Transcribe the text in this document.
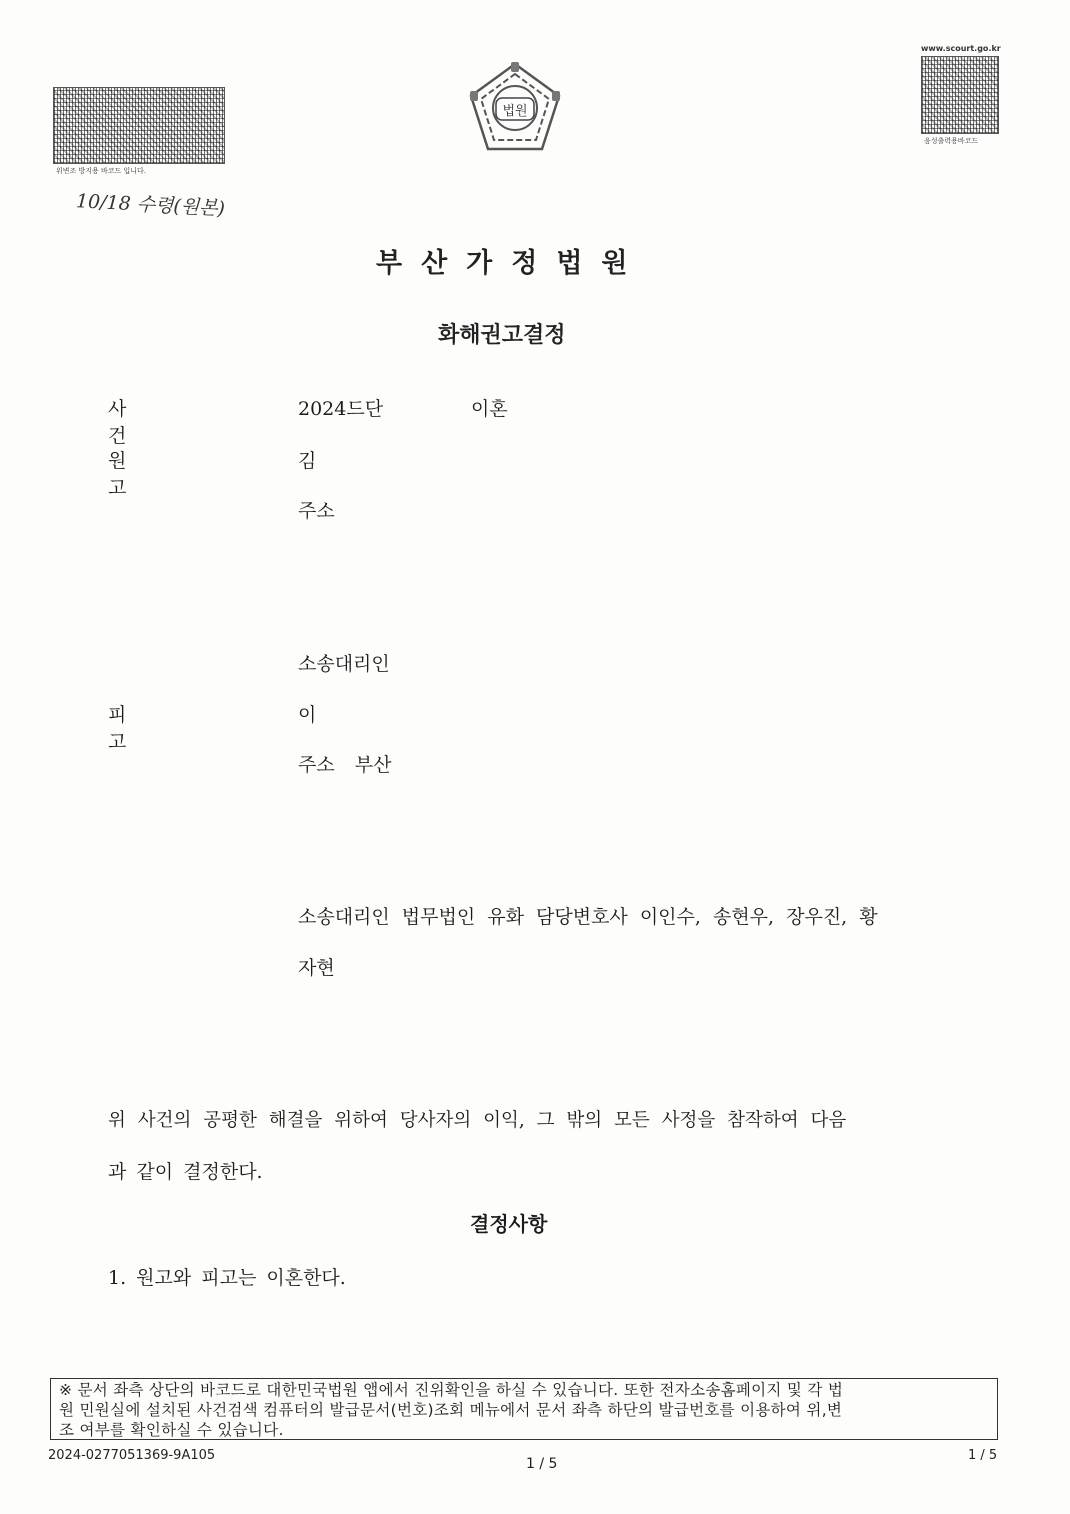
위변조 방지용 바코드 입니다.
법원
www.scourt.go.kr
음성출력용바코드
10/18 수령(원본)
부산가정법원
화해권고결정
사 건
2024드단	이혼
원 고
김
주소
소송대리인
피 고
이
주소 부산
소송대리인 법무법인 유화 담당변호사 이인수, 송현우, 장우진, 황
자현
위 사건의 공평한 해결을 위하여 당사자의 이익, 그 밖의 모든 사정을 참작하여 다음
과 같이 결정한다.
결정사항
1. 원고와 피고는 이혼한다.
※ 문서 좌측 상단의 바코드로 대한민국법원 앱에서 진위확인을 하실 수 있습니다. 또한 전자소송홈페이지 및 각 법
원 민원실에 설치된 사건검색 컴퓨터의 발급문서(번호)조회 메뉴에서 문서 좌측 하단의 발급번호를 이용하여 위,변
조 여부를 확인하실 수 있습니다.
2024-0277051369-9A105
1 / 5
1 / 5
